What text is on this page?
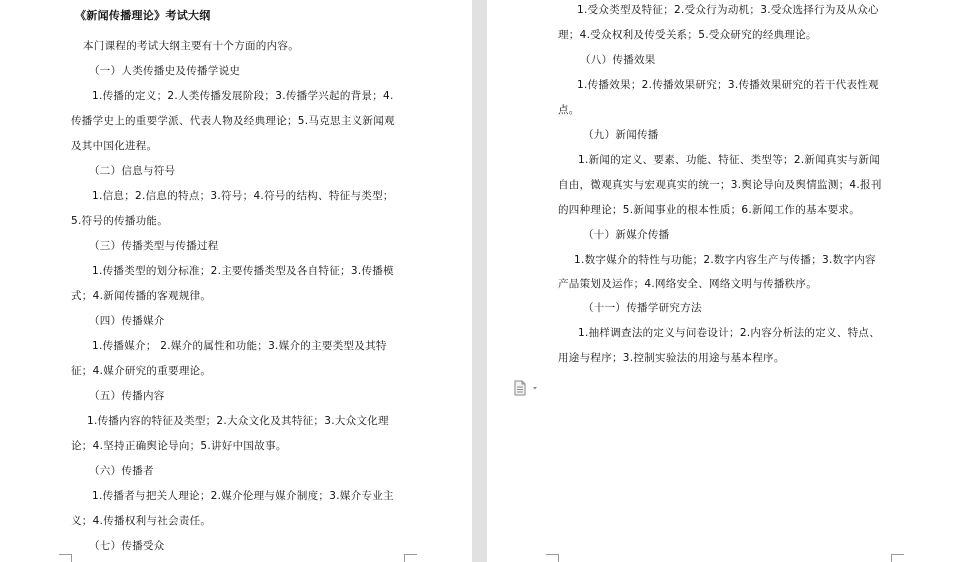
《新闻传播理论》考试大纲
本门课程的考试大纲主要有十个方面的内容。
（一）人类传播史及传播学说史
1.传播的定义；2.人类传播发展阶段；3.传播学兴起的背景；4.
传播学史上的重要学派、代表人物及经典理论；5.马克思主义新闻观
及其中国化进程。
（二）信息与符号
1.信息；2.信息的特点；3.符号；4.符号的结构、特征与类型；
5.符号的传播功能。
（三）传播类型与传播过程
1.传播类型的划分标准；2.主要传播类型及各自特征；3.传播模
式；4.新闻传播的客观规律。
（四）传播媒介
1.传播媒介； 2.媒介的属性和功能；3.媒介的主要类型及其特
征；4.媒介研究的重要理论。
（五）传播内容
1.传播内容的特征及类型；2.大众文化及其特征；3.大众文化理
论；4.坚持正确舆论导向；5.讲好中国故事。
（六）传播者
1.传播者与把关人理论；2.媒介伦理与媒介制度；3.媒介专业主
义；4.传播权利与社会责任。
（七）传播受众
1.受众类型及特征；2.受众行为动机；3.受众选择行为及从众心
理；4.受众权利及传受关系；5.受众研究的经典理论。
（八）传播效果
1.传播效果；2.传播效果研究；3.传播效果研究的若干代表性观
点。
（九）新闻传播
1.新闻的定义、要素、功能、特征、类型等；2.新闻真实与新闻
自由，微观真实与宏观真实的统一；3.舆论导向及舆情监测；4.报刊
的四种理论；5.新闻事业的根本性质；6.新闻工作的基本要求。
（十）新媒介传播
1.数字媒介的特性与功能；2.数字内容生产与传播；3.数字内容
产品策划及运作；4.网络安全、网络文明与传播秩序。
（十一）传播学研究方法
1.抽样调查法的定义与问卷设计；2.内容分析法的定义、特点、
用途与程序；3.控制实验法的用途与基本程序。
